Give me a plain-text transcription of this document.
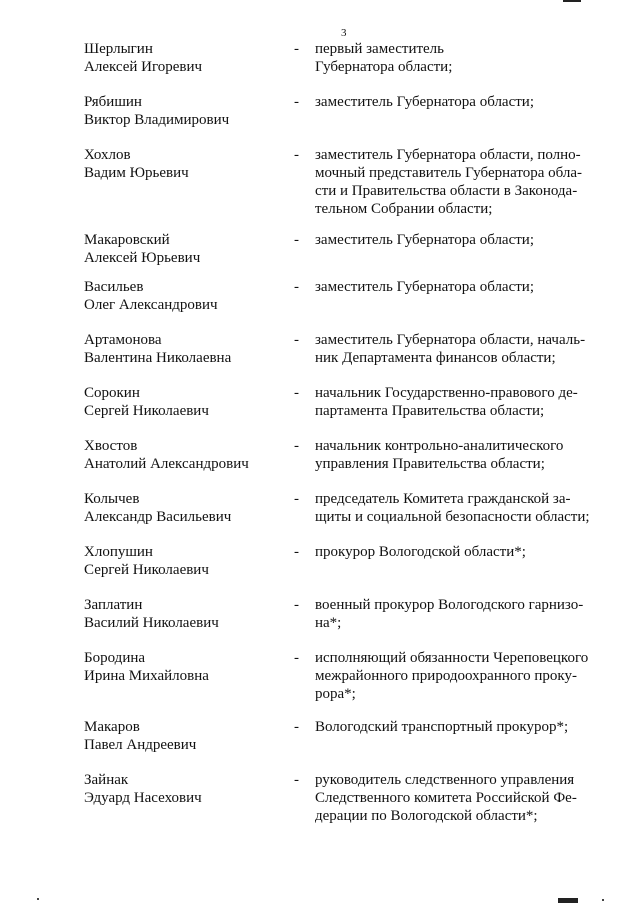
3
Шерлыгин
Алексей Игоревич
- первый заместитель
Губернатора области;
Рябишин
Виктор Владимирович
- заместитель Губернатора области;
Хохлов
Вадим Юрьевич
- заместитель Губернатора области, полно-
мочный представитель Губернатора обла-
сти и Правительства области в Законода-
тельном Собрании области;
Макаровский
Алексей Юрьевич
- заместитель Губернатора области;
Васильев
Олег Александрович
- заместитель Губернатора области;
Артамонова
Валентина Николаевна
- заместитель Губернатора области, началь-
ник Департамента финансов области;
Сорокин
Сергей Николаевич
- начальник Государственно-правового де-
партамента Правительства области;
Хвостов
Анатолий Александрович
- начальник контрольно-аналитического
управления Правительства области;
Колычев
Александр Васильевич
- председатель Комитета гражданской за-
щиты и социальной безопасности области;
Хлопушин
Сергей Николаевич
- прокурор Вологодской области*;
Заплатин
Василий Николаевич
- военный прокурор Вологодского гарнизо-
на*;
Бородина
Ирина Михайловна
- исполняющий обязанности Череповецкого
межрайонного природоохранного проку-
рора*;
Макаров
Павел Андреевич
- Вологодский транспортный прокурор*;
Зайнак
Эдуард Насехович
- руководитель следственного управления
Следственного комитета Российской Фе-
дерации по Вологодской области*;
